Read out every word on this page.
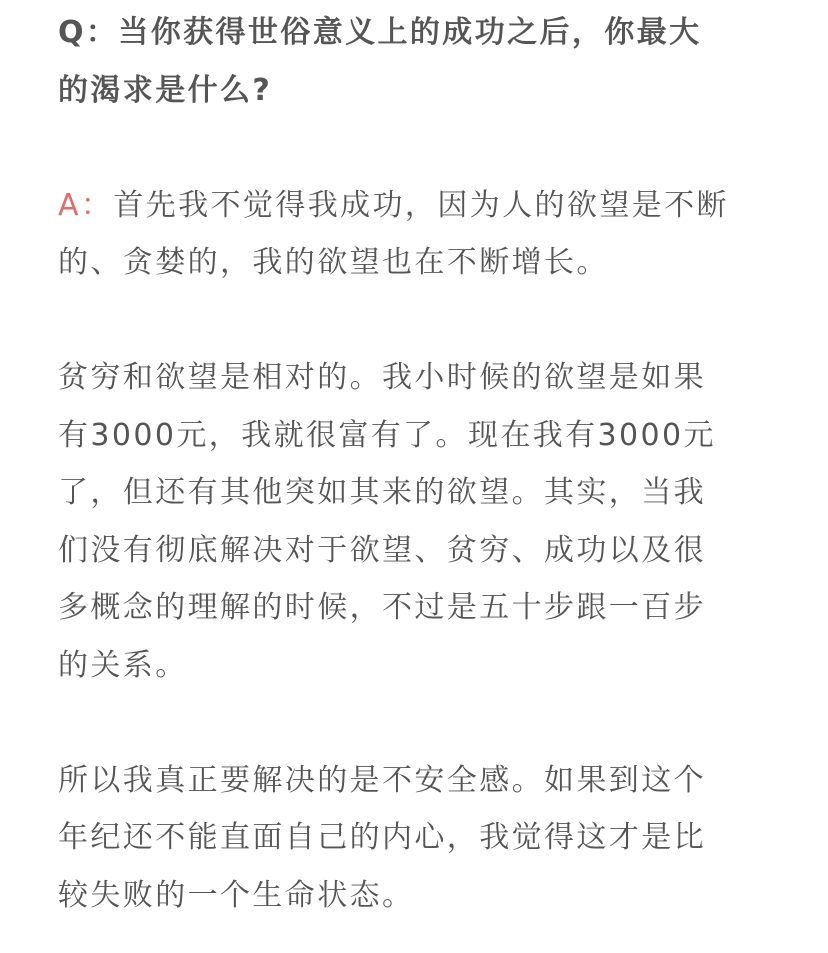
Q：当你获得世俗意义上的成功之后，你最大
的渴求是什么?

A：首先我不觉得我成功，因为人的欲望是不断
的、贪婪的，我的欲望也在不断增长。

贫穷和欲望是相对的。我小时候的欲望是如果
有3000元，我就很富有了。现在我有3000元
了，但还有其他突如其来的欲望。其实，当我
们没有彻底解决对于欲望、贫穷、成功以及很
多概念的理解的时候，不过是五十步跟一百步
的关系。

所以我真正要解决的是不安全感。如果到这个
年纪还不能直面自己的内心，我觉得这才是比
较失败的一个生命状态。
